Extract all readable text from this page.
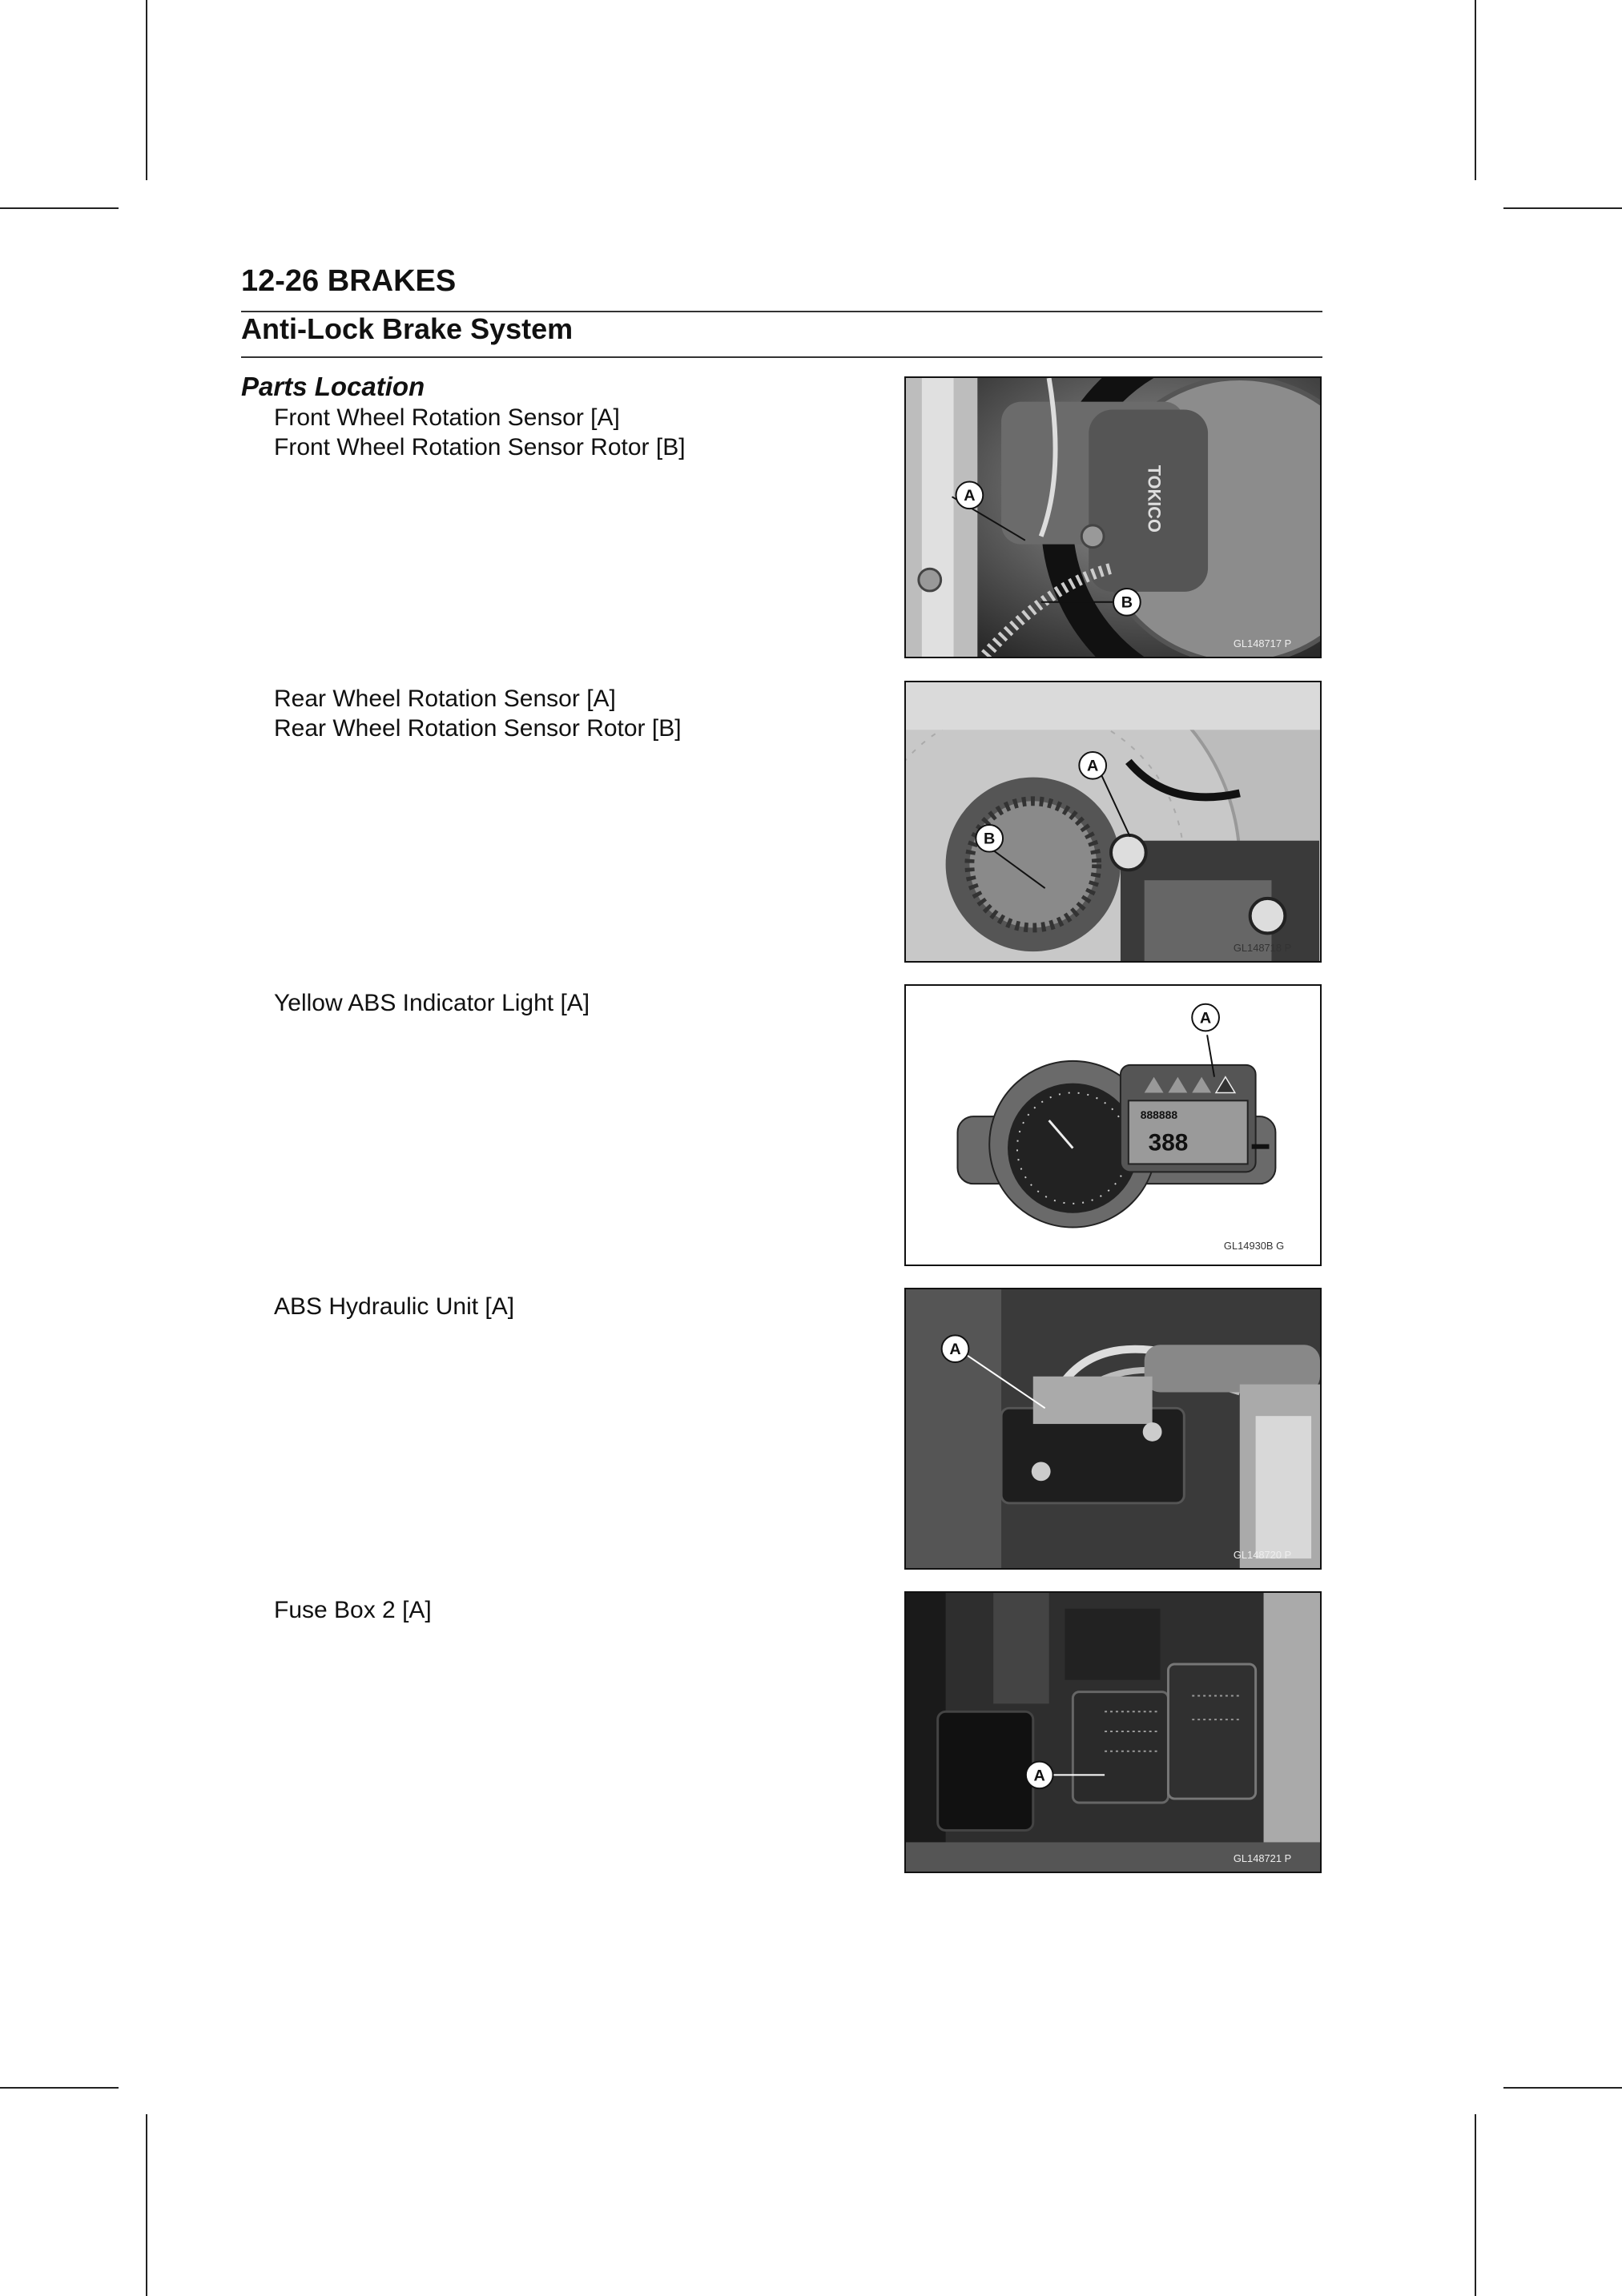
12-26 BRAKES
Anti-Lock Brake System
Parts Location
Front Wheel Rotation Sensor [A]
Front Wheel Rotation Sensor Rotor [B]
TOKICO
A
B
GL148717 P
Rear Wheel Rotation Sensor [A]
Rear Wheel Rotation Sensor Rotor [B]
A
B
GL148718 P
Yellow ABS Indicator Light [A]
888888
388
A
GL14930B G
ABS Hydraulic Unit [A]
A
GL148720 P
Fuse Box 2 [A]
A
GL148721 P
